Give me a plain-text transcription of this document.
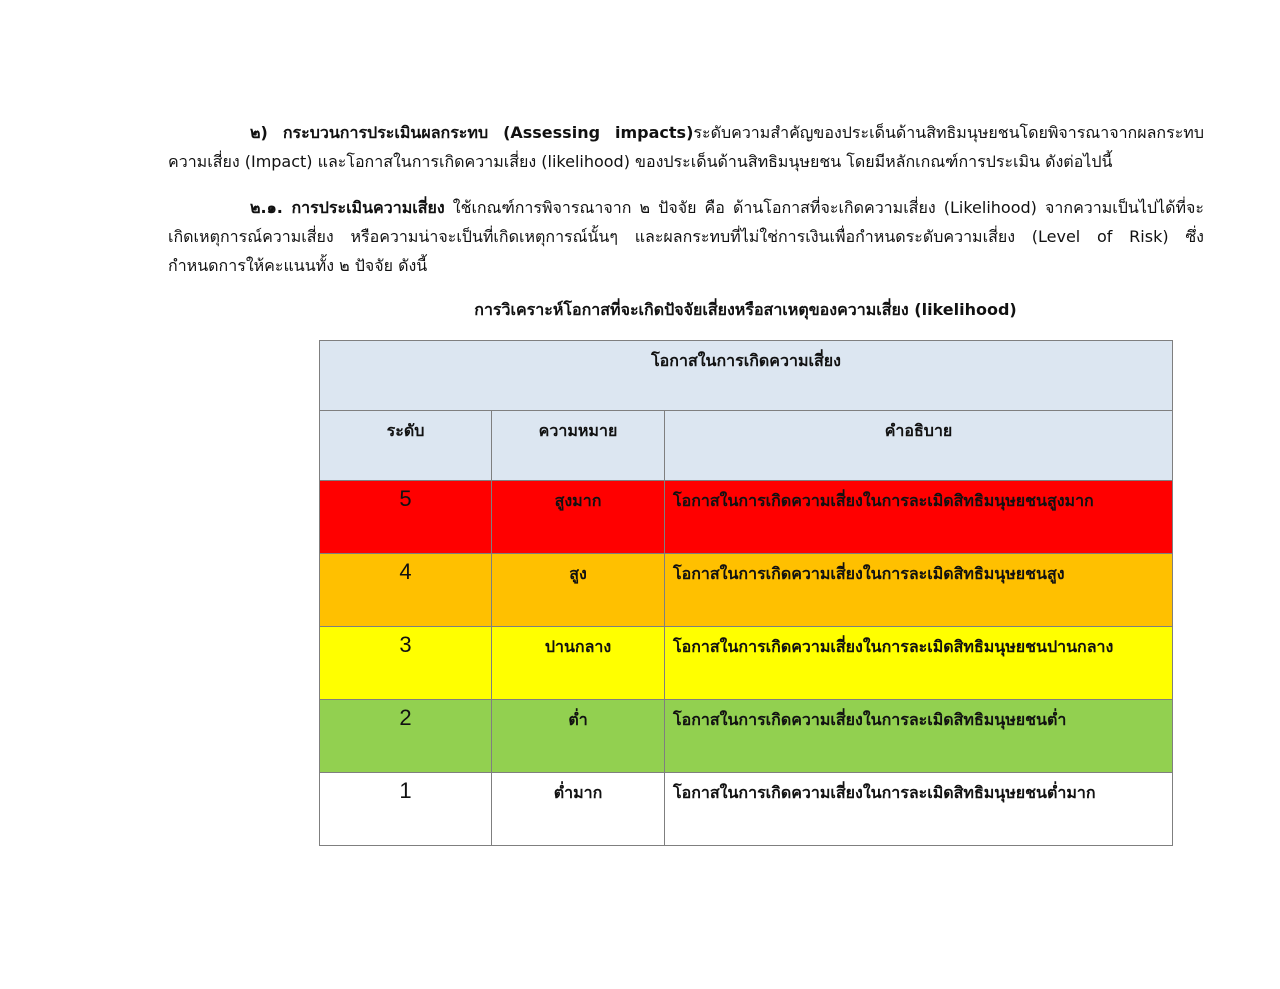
๒) กระบวนการประเมินผลกระทบ (Assessing impacts)ระดับความสำคัญของประเด็นด้านสิทธิมนุษยชนโดยพิจารณาจากผลกระทบความเสี่ยง (Impact) และโอกาสในการเกิดความเสี่ยง (likelihood) ของประเด็นด้านสิทธิมนุษยชน โดยมีหลักเกณฑ์การประเมิน ดังต่อไปนี้

๒.๑. การประเมินความเสี่ยง ใช้เกณฑ์การพิจารณาจาก ๒ ปัจจัย คือ ด้านโอกาสที่จะเกิดความเสี่ยง (Likelihood) จากความเป็นไปได้ที่จะเกิดเหตุการณ์ความเสี่ยง หรือความน่าจะเป็นที่เกิดเหตุการณ์นั้นๆ และผลกระทบที่ไม่ใช่การเงินเพื่อกำหนดระดับความเสี่ยง (Level of Risk) ซึ่งกำหนดการให้คะแนนทั้ง ๒ ปัจจัย ดังนี้

การวิเคราะห์โอกาสที่จะเกิดปัจจัยเสี่ยงหรือสาเหตุของความเสี่ยง (likelihood)

โอกาสในการเกิดความเสี่ยง		
ระดับ	ความหมาย	คำอธิบาย
5	สูงมาก	โอกาสในการเกิดความเสี่ยงในการละเมิดสิทธิมนุษยชนสูงมาก
4	สูง	โอกาสในการเกิดความเสี่ยงในการละเมิดสิทธิมนุษยชนสูง
3	ปานกลาง	โอกาสในการเกิดความเสี่ยงในการละเมิดสิทธิมนุษยชนปานกลาง
2	ต่ำ	โอกาสในการเกิดความเสี่ยงในการละเมิดสิทธิมนุษยชนต่ำ
1	ต่ำมาก	โอกาสในการเกิดความเสี่ยงในการละเมิดสิทธิมนุษยชนต่ำมาก
